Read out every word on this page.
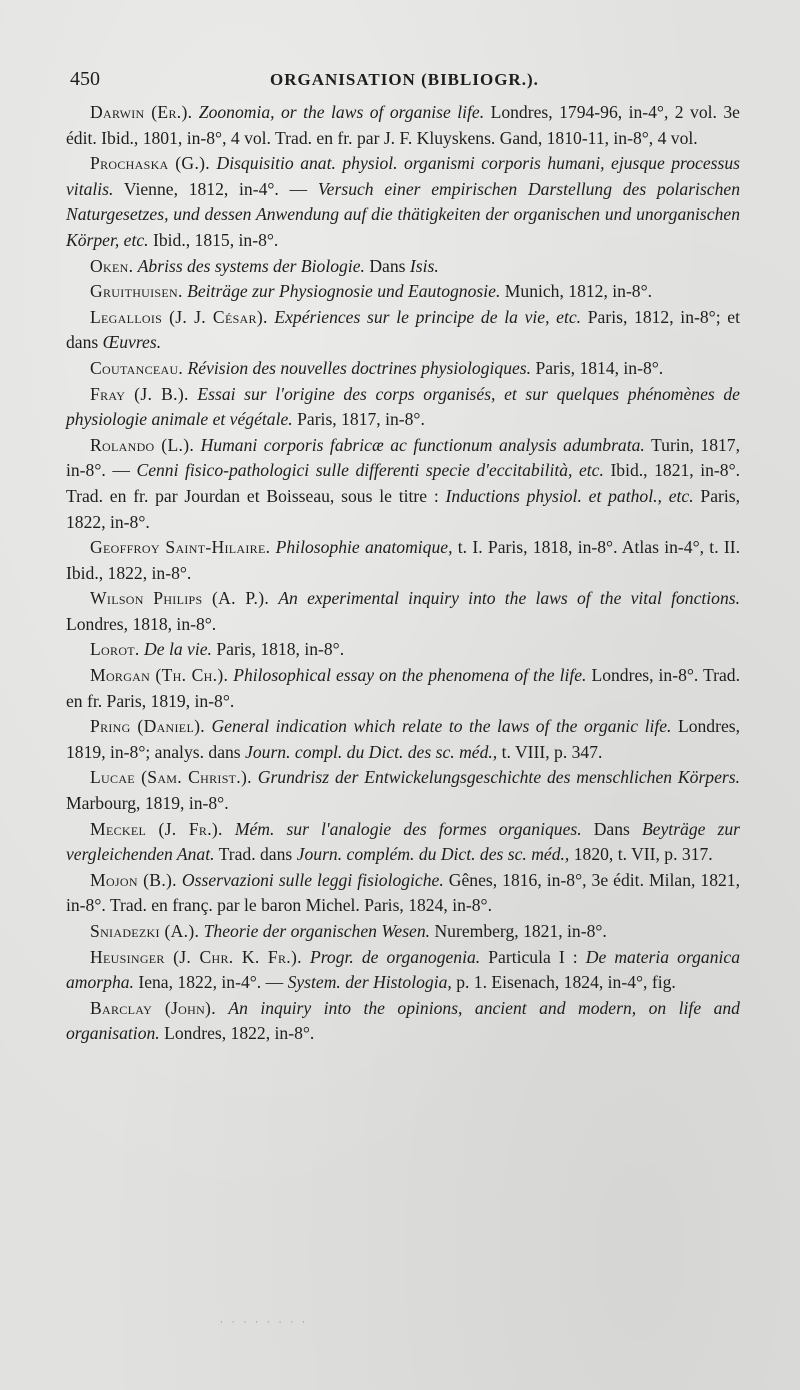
450	ORGANISATION (BIBLIOGR.).

Darwin (Er.). Zoonomia, or the laws of organise life. Londres, 1794-96, in-4°, 2 vol. 3e édit. Ibid., 1801, in-8°, 4 vol. Trad. en fr. par J. F. Kluyskens. Gand, 1810-11, in-8°, 4 vol.

Prochaska (G.). Disquisitio anat. physiol. organismi corporis humani, ejusque processus vitalis. Vienne, 1812, in-4°. — Versuch einer empirischen Darstellung des polarischen Naturgesetzes, und dessen Anwendung auf die thätigkeiten der organischen und unorganischen Körper, etc. Ibid., 1815, in-8°.

Oken. Abriss des systems der Biologie. Dans Isis.

Gruithuisen. Beiträge zur Physiognosie und Eautognosie. Munich, 1812, in-8°.

Legallois (J. J. César). Expériences sur le principe de la vie, etc. Paris, 1812, in-8°; et dans Œuvres.

Coutanceau. Révision des nouvelles doctrines physiologiques. Paris, 1814, in-8°.

Fray (J. B.). Essai sur l'origine des corps organisés, et sur quelques phénomènes de physiologie animale et végétale. Paris, 1817, in-8°.

Rolando (L.). Humani corporis fabricæ ac functionum analysis adumbrata. Turin, 1817, in-8°. — Cenni fisico-pathologici sulle differenti specie d'eccitabilità, etc. Ibid., 1821, in-8°. Trad. en fr. par Jourdan et Boisseau, sous le titre : Inductions physiol. et pathol., etc. Paris, 1822, in-8°.

Geoffroy Saint-Hilaire. Philosophie anatomique, t. I. Paris, 1818, in-8°. Atlas in-4°, t. II. Ibid., 1822, in-8°.

Wilson Philips (A. P.). An experimental inquiry into the laws of the vital fonctions. Londres, 1818, in-8°.

Lorot. De la vie. Paris, 1818, in-8°.

Morgan (Th. Ch.). Philosophical essay on the phenomena of the life. Londres, in-8°. Trad. en fr. Paris, 1819, in-8°.

Pring (Daniel). General indication which relate to the laws of the organic life. Londres, 1819, in-8°; analys. dans Journ. compl. du Dict. des sc. méd., t. VIII, p. 347.

Lucae (Sam. Christ.). Grundrisz der Entwickelungsgeschichte des menschlichen Körpers. Marbourg, 1819, in-8°.

Meckel (J. Fr.). Mém. sur l'analogie des formes organiques. Dans Beyträge zur vergleichenden Anat. Trad. dans Journ. complém. du Dict. des sc. méd., 1820, t. VII, p. 317.

Mojon (B.). Osservazioni sulle leggi fisiologiche. Gênes, 1816, in-8°, 3e édit. Milan, 1821, in-8°. Trad. en franç. par le baron Michel. Paris, 1824, in-8°.

Sniadezki (A.). Theorie der organischen Wesen. Nuremberg, 1821, in-8°.

Heusinger (J. Chr. K. Fr.). Progr. de organogenia. Particula I : De materia organica amorpha. Iena, 1822, in-4°. — System. der Histologia, p. 1. Eisenach, 1824, in-4°, fig.

Barclay (John). An inquiry into the opinions, ancient and modern, on life and organisation. Londres, 1822, in-8°.

· · · · · · · ·
